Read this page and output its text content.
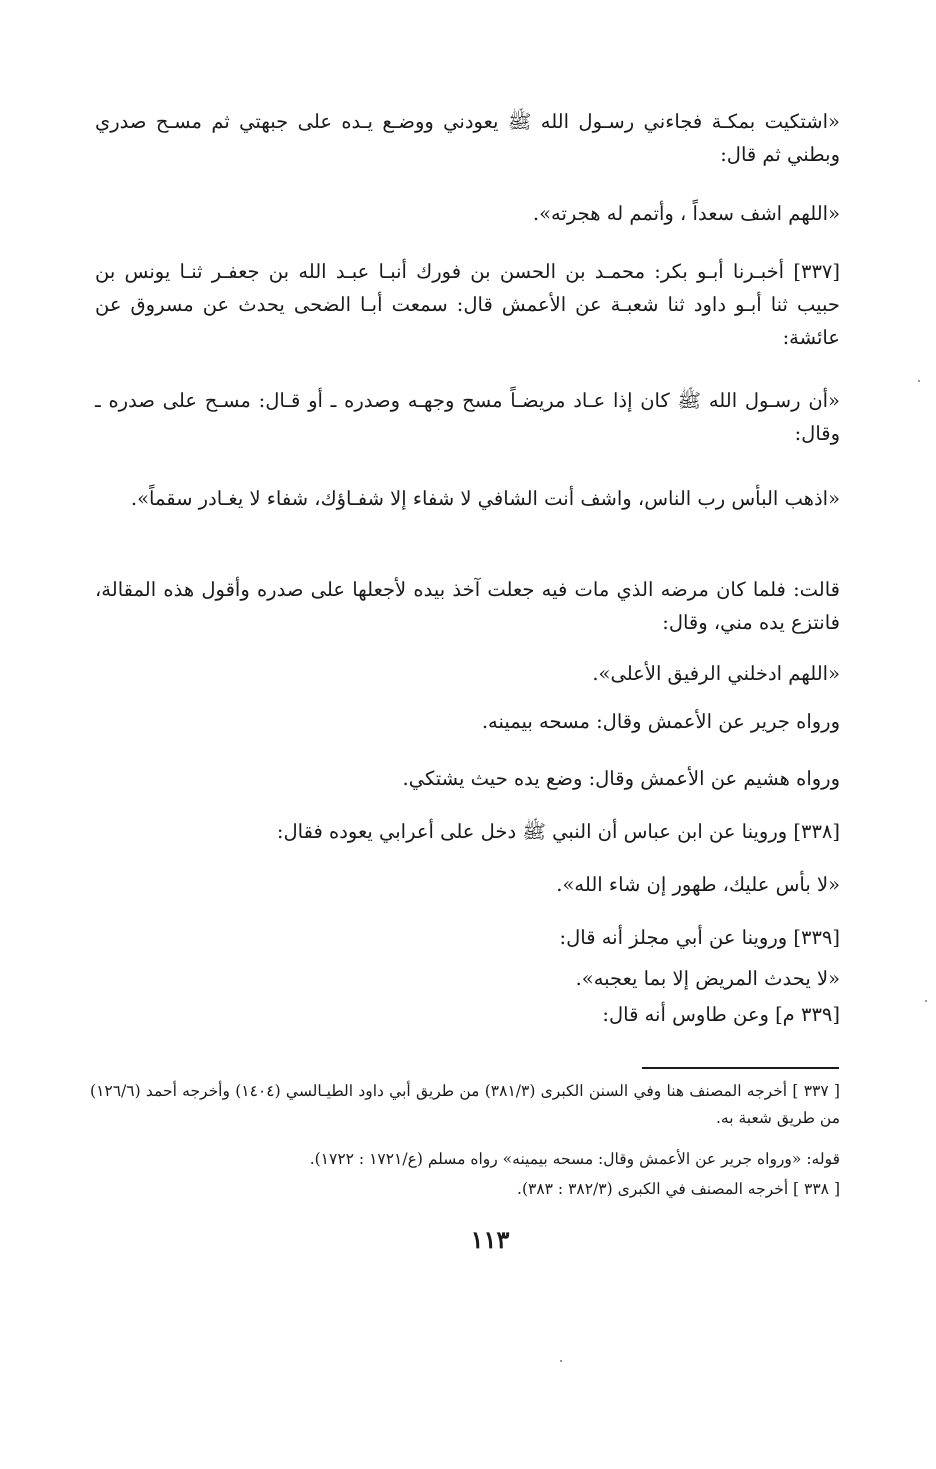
«اشتكيت بمكـة فجاءني رسـول الله ﷺ يعودني ووضـع يـده على جبهتي ثم مسـح صدري وبطني ثم قال:

«اللهم اشف سعداً ، وأتمم له هجرته».

[٣٣٧] أخبـرنا أبـو بكر: محمـد بن الحسن بن فورك أنبـا عبـد الله بن جعفـر ثنـا يونس بن حبيب ثنا أبـو داود ثنا شعبـة عن الأعمش قال: سمعت أبـا الضحى يحدث عن مسروق عن عائشة:

«أن رسـول الله ﷺ كان إذا عـاد مريضـاً مسح وجهـه وصدره ـ أو قـال: مسـح على صدره ـ وقال:

«اذهب البأس رب الناس، واشف أنت الشافي لا شفاء إلا شفـاؤك، شفاء لا يغـادر سقماً».

قالت: فلما كان مرضه الذي مات فيه جعلت آخذ بيده لأجعلها على صدره وأقول هذه المقالة، فانتزع يده مني، وقال:

«اللهم ادخلني الرفيق الأعلى».

ورواه جرير عن الأعمش وقال: مسحه بيمينه.

ورواه هشيم عن الأعمش وقال: وضع يده حيث يشتكي.

[٣٣٨] وروينا عن ابن عباس أن النبي ﷺ دخل على أعرابي يعوده فقال:

«لا بأس عليك، طهور إن شاء الله».

[٣٣٩] وروينا عن أبي مجلز أنه قال:

«لا يحدث المريض إلا بما يعجبه».

[٣٣٩ م] وعن طاوس أنه قال:

[ ٣٣٧ ] أخرجه المصنف هنا وفي السنن الكبرى (٣٨١/٣) من طريق أبي داود الطيـالسي (١٤٠٤) وأخرجه أحمد (١٢٦/٦) من طريق شعبة به.

قوله: «ورواه جرير عن الأعمش وقال: مسحه بيمينه» رواه مسلم (ع/١٧٢١ : ١٧٢٢).

[ ٣٣٨ ] أخرجه المصنف في الكبرى (٣٨٢/٣ : ٣٨٣).

١١٣
